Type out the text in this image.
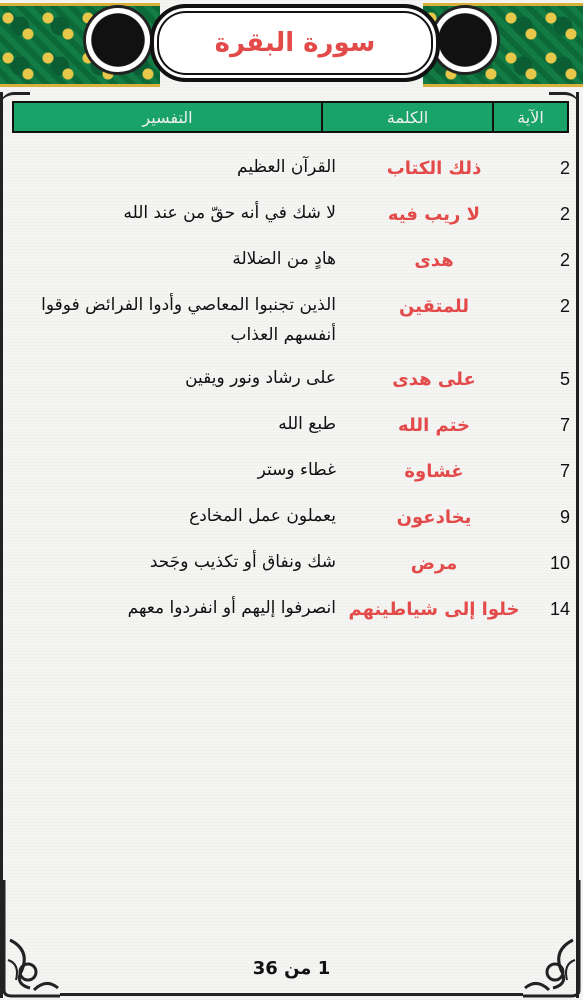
سورة البقرة
الآية
الكلمة
التفسير
2
ذلك الكتاب
القرآن العظيم
2
لا ريب فيه
لا شك في أنه حقّ من عند الله
2
هدى
هادٍ من الضلالة
2
للمتقين
الذين تجنبوا المعاصي وأدوا الفرائض فوقوا أنفسهم العذاب
5
على هدى
على رشاد ونور ويقين
7
ختم الله
طبع الله
7
غشاوة
غطاء وستر
9
يخادعون
يعملون عمل المخادع
10
مرض
شك ونفاق أو تكذيب وجَحد
14
خلوا إلى شياطينهم
انصرفوا إليهم أو انفردوا معهم
1 من 36
